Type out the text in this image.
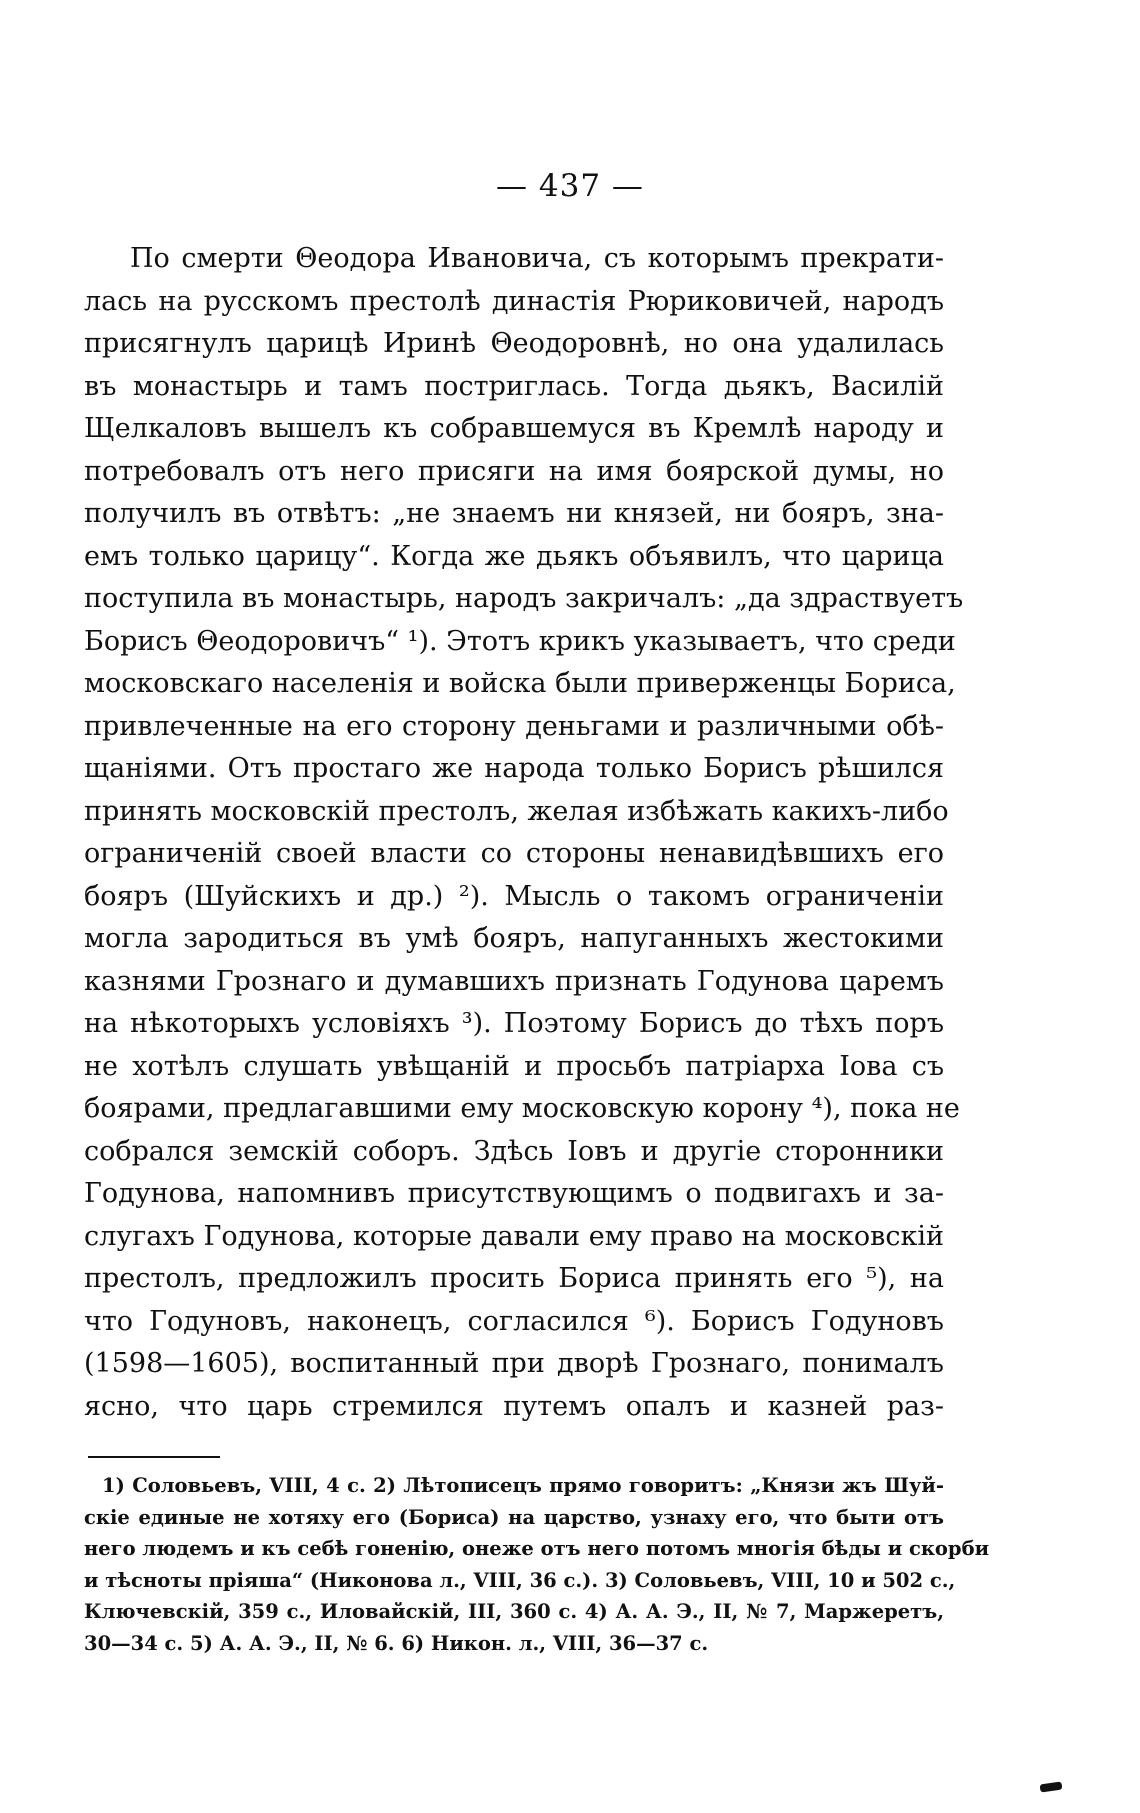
— 437 —
По смерти Θеодора Ивановича, съ которымъ прекрати-
лась на русскомъ престолѣ династія Рюриковичей, народъ
присягнулъ царицѣ Иринѣ Θеодоровнѣ, но она удалилась
въ монастырь и тамъ постриглась. Тогда дьякъ, Василій
Щелкаловъ вышелъ къ собравшемуся въ Кремлѣ народу и
потребовалъ отъ него присяги на имя боярской думы, но
получилъ въ отвѣтъ: „не знаемъ ни князей, ни бояръ, зна-
емъ только царицу“. Когда же дьякъ объявилъ, что царица
поступила въ монастырь, народъ закричалъ: „да здраствуетъ
Борисъ Θеодоровичъ“ ¹). Этотъ крикъ указываетъ, что среди
московскаго населенія и войска были приверженцы Бориса,
привлеченные на его сторону деньгами и различными обѣ-
щаніями. Отъ простаго же народа только Борисъ рѣшился
принять московскій престолъ, желая избѣжать какихъ-либо
ограниченій своей власти со стороны ненавидѣвшихъ его
бояръ (Шуйскихъ и др.) ²). Мысль о такомъ ограниченіи
могла зародиться въ умѣ бояръ, напуганныхъ жестокими
казнями Грознаго и думавшихъ признать Годунова царемъ
на нѣкоторыхъ условіяхъ ³). Поэтому Борисъ до тѣхъ поръ
не хотѣлъ слушать увѣщаній и просьбъ патріарха Іова съ
боярами, предлагавшими ему московскую корону ⁴), пока не
собрался земскій соборъ. Здѣсь Іовъ и другіе сторонники
Годунова, напомнивъ присутствующимъ о подвигахъ и за-
слугахъ Годунова, которые давали ему право на московскій
престолъ, предложилъ просить Бориса принять его ⁵), на
что Годуновъ, наконецъ, согласился ⁶). Борисъ Годуновъ
(1598—1605), воспитанный при дворѣ Грознаго, понималъ
ясно, что царь стремился путемъ опалъ и казней раз-
1) Соловьевъ, VIII, 4 с. 2) Лѣтописецъ прямо говоритъ: „Князи жъ Шуй-
скіе единые не хотяху его (Бориса) на царство, узнаху его, что быти отъ
него людемъ и къ себѣ гоненію, онеже отъ него потомъ многія бѣды и скорби
и тѣсноты пріяша“ (Никонова л., VIII, 36 с.). 3) Соловьевъ, VIII, 10 и 502 с.,
Ключевскій, 359 с., Иловайскій, III, 360 с. 4) А. А. Э., II, № 7, Маржеретъ,
30—34 с. 5) А. А. Э., II, № 6. 6) Никон. л., VIII, 36—37 с.
